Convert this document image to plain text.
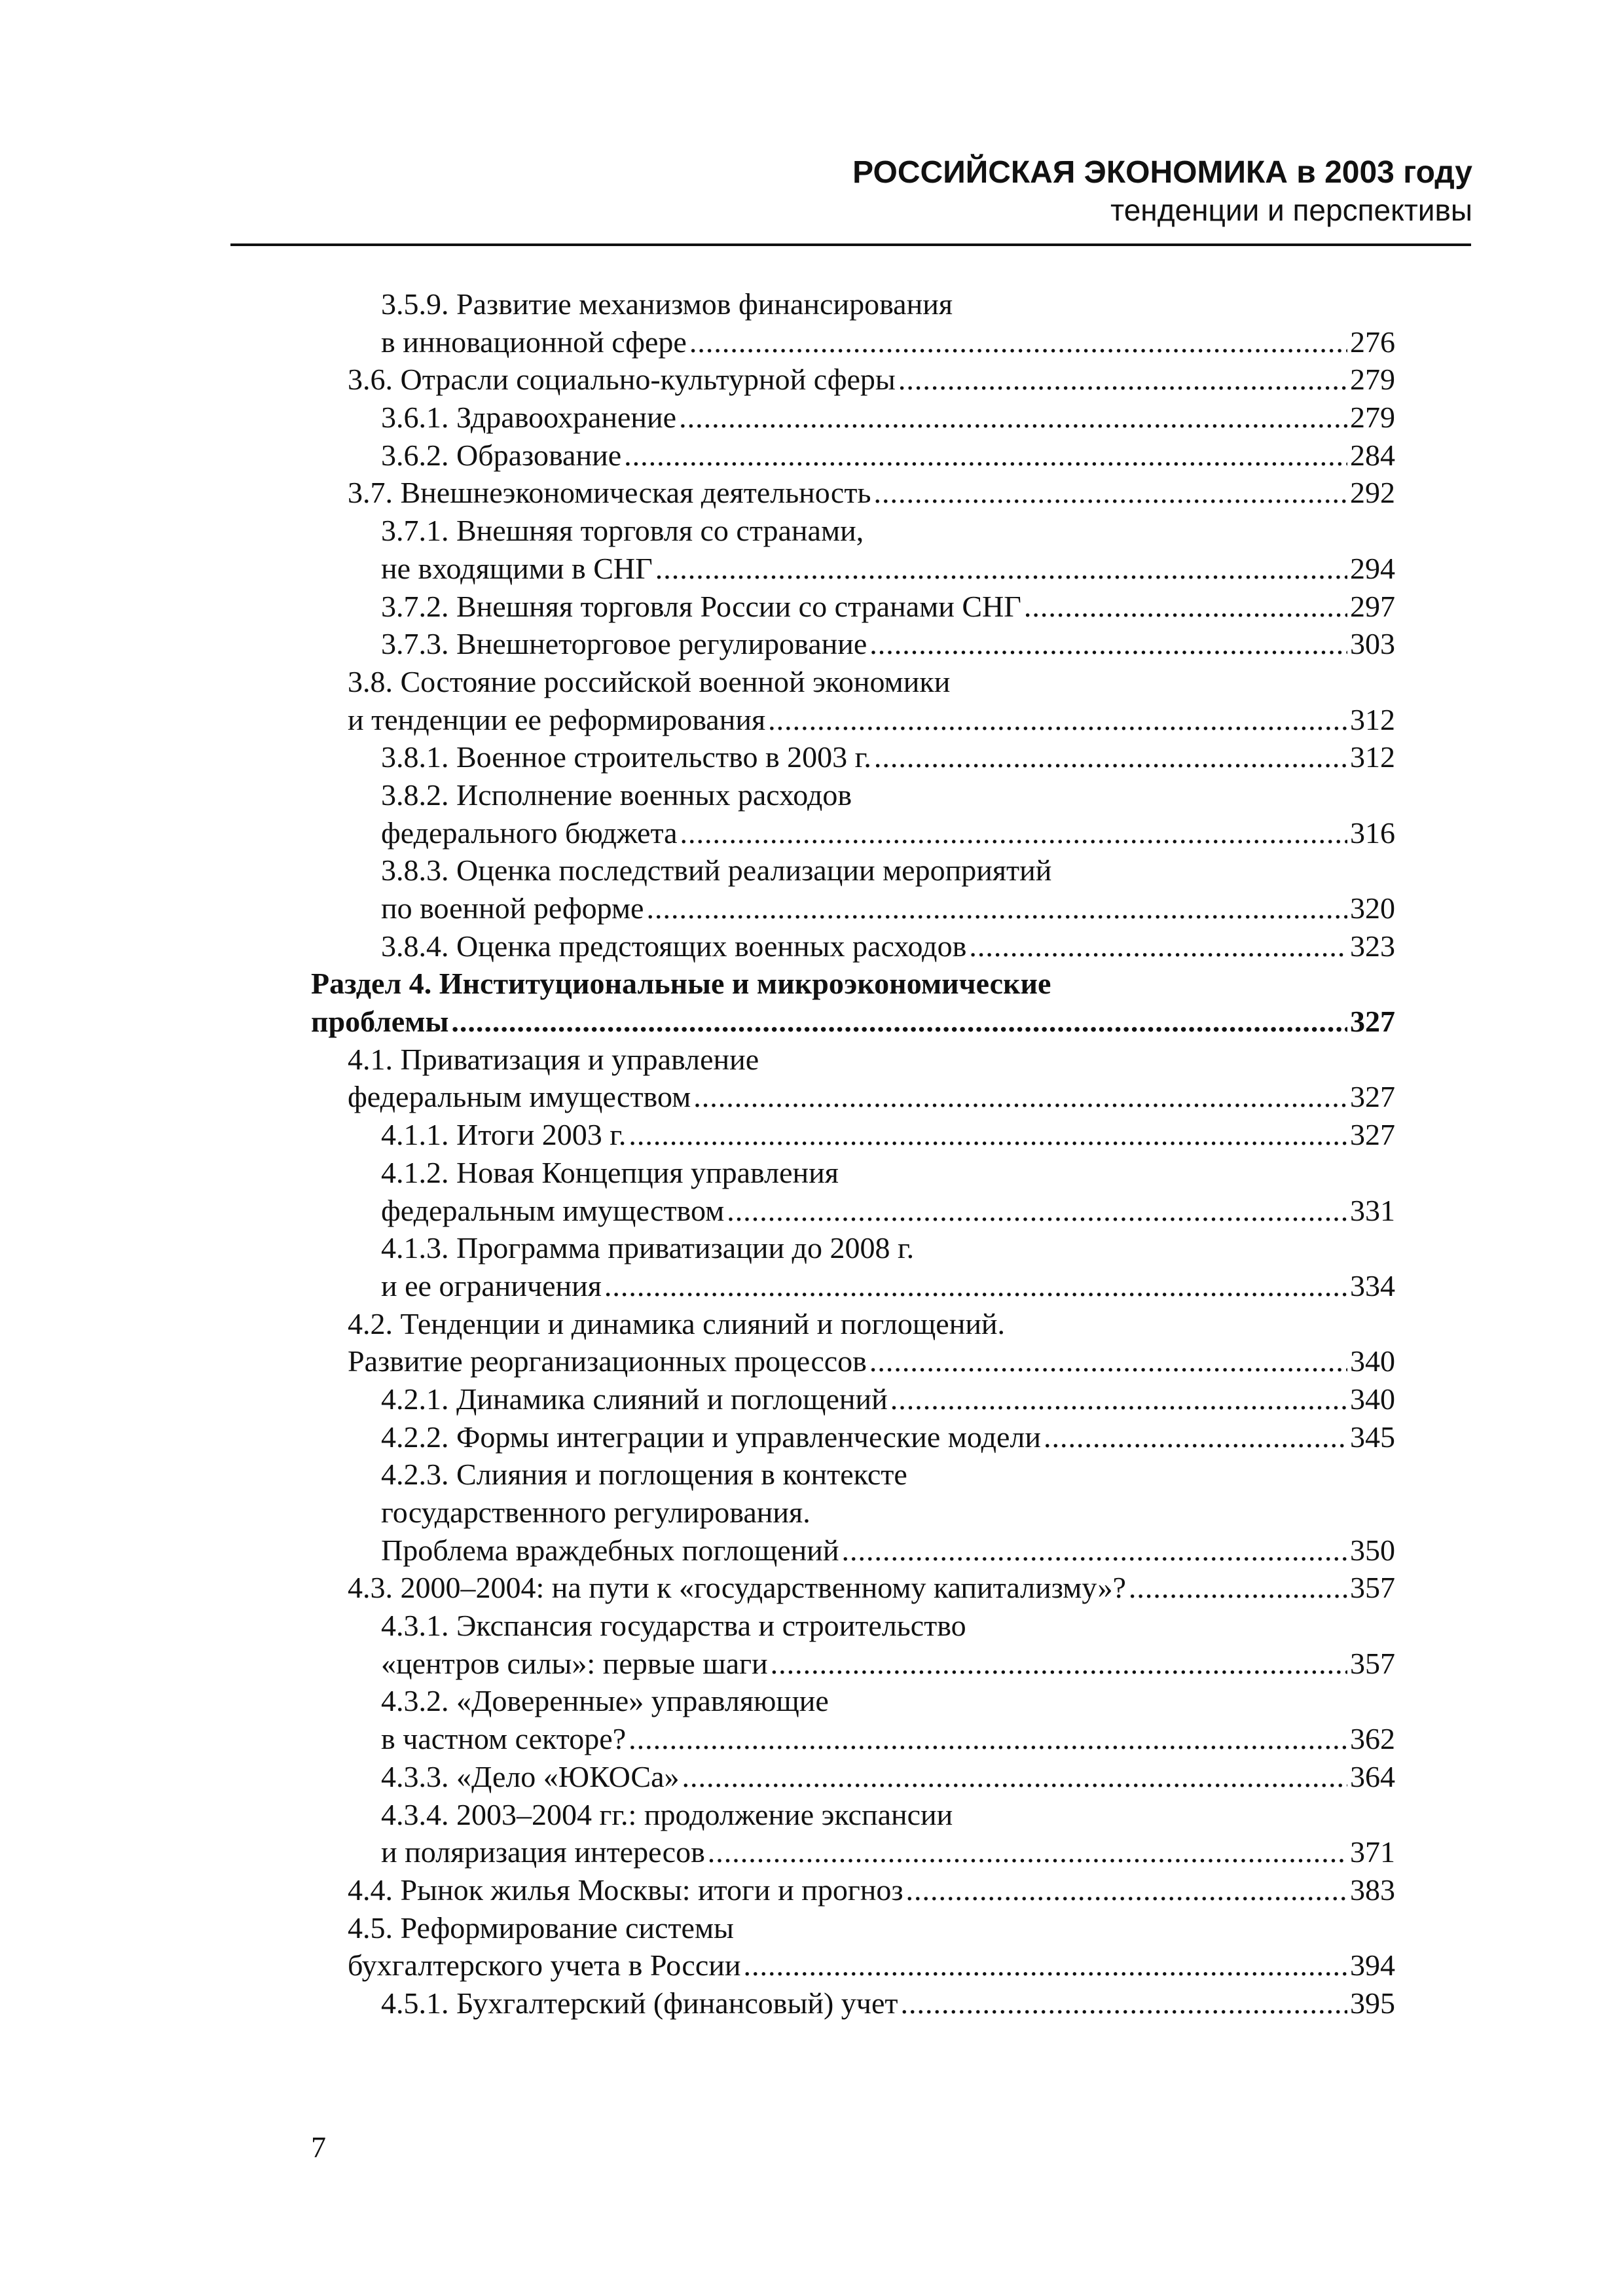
РОССИЙСКАЯ ЭКОНОМИКА в 2003 году
тенденции и перспективы
3.5.9. Развитие механизмов финансирования
в инновационной сфере .....	276
3.6. Отрасли социально-культурной сферы .....	279
3.6.1. Здравоохранение .....	279
3.6.2. Образование .....	284
3.7. Внешнеэкономическая деятельность .....	292
3.7.1. Внешняя торговля со странами,
не входящими в СНГ .....	294
3.7.2. Внешняя торговля России со странами СНГ .....	297
3.7.3. Внешнеторговое регулирование .....	303
3.8. Состояние российской военной экономики
и тенденции ее реформирования .....	312
3.8.1. Военное строительство в 2003 г. .....	312
3.8.2. Исполнение военных расходов
федерального бюджета .....	316
3.8.3. Оценка последствий реализации мероприятий
по военной реформе .....	320
3.8.4. Оценка предстоящих военных расходов .....	323
Раздел 4. Институциональные и микроэкономические
проблемы .....	327
4.1. Приватизация и управление
федеральным имуществом .....	327
4.1.1. Итоги 2003 г. .....	327
4.1.2. Новая Концепция управления
федеральным имуществом .....	331
4.1.3. Программа приватизации до 2008 г.
и ее ограничения .....	334
4.2. Тенденции и динамика слияний и поглощений.
Развитие реорганизационных процессов .....	340
4.2.1. Динамика слияний и поглощений .....	340
4.2.2. Формы интеграции и управленческие модели .....	345
4.2.3. Слияния и поглощения в контексте
государственного регулирования.
Проблема враждебных поглощений .....	350
4.3. 2000–2004: на пути к «государственному капитализму»? .....	357
4.3.1. Экспансия государства и строительство
«центров силы»: первые шаги .....	357
4.3.2. «Доверенные» управляющие
в частном секторе? .....	362
4.3.3. «Дело «ЮКОСа» .....	364
4.3.4. 2003–2004 гг.: продолжение экспансии
и поляризация интересов .....	371
4.4. Рынок жилья Москвы: итоги и прогноз .....	383
4.5. Реформирование системы
бухгалтерского учета в России .....	394
4.5.1. Бухгалтерский (финансовый) учет .....	395
7
